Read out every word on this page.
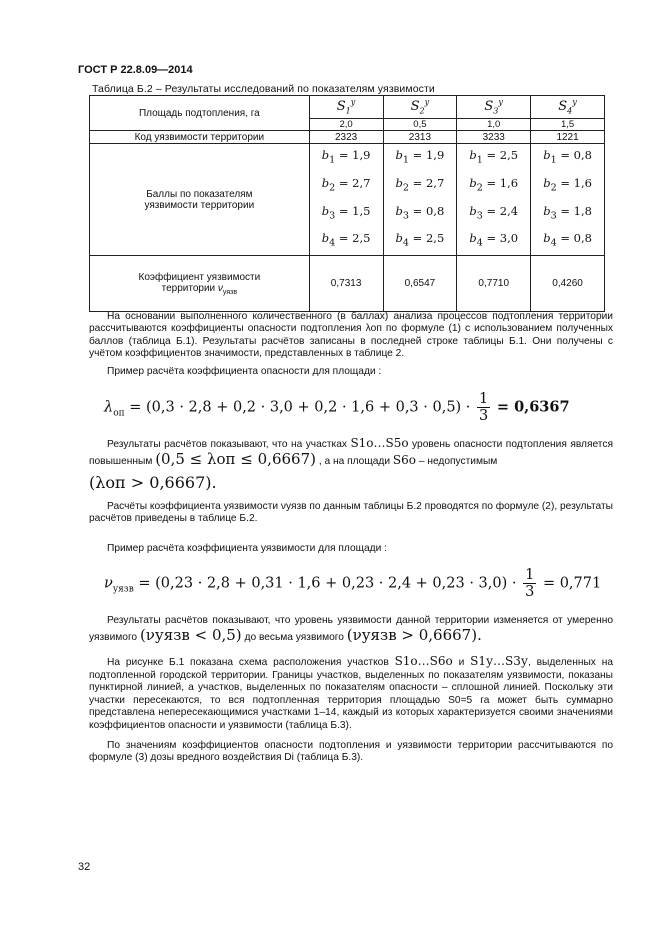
ГОСТ Р 22.8.09—2014
Таблица Б.2 – Результаты исследований по показателям уязвимости
Площадь подтопления, га	$S_1^у$	$S_2^у$	$S_3^у$	$S_4^у$
	2,0	0,5	1,0	1,5
Код уязвимости территории	2323	2313	3233	1221
Баллы по показателям уязвимости территории	$b_1 = 1,9$
$b_2 = 2,7$
$b_3 = 1,5$
$b_4 = 2,5$	$b_1 = 1,9$
$b_2 = 2,7$
$b_3 = 0,8$
$b_4 = 2,5$	$b_1 = 2,5$
$b_2 = 1,6$
$b_3 = 2,4$
$b_4 = 3,0$	$b_1 = 0,8$
$b_2 = 1,6$
$b_3 = 1,8$
$b_4 = 0,8$
Коэффициент уязвимости территории $\nu_{уязв}$	0,7313	0,6547	0,7710	0,4260
На основании выполненного количественного (в баллах) анализа процессов подтопления территории рассчитываются коэффициенты опасности подтопления λоп по формуле (1) с использованием полученных баллов (таблица Б.1). Результаты расчётов записаны в последней строке таблицы Б.1. Они получены с учётом коэффициентов значимости, представленных в таблице 2.
Пример расчёта коэффициента опасности для площади :
$\lambda_{оп} = (0,3 \cdot 2,8 + 0,2 \cdot 3,0 + 0,2 \cdot 1,6 + 0,3 \cdot 0,5) \cdot \frac{1}{3} = 0,6367$
Результаты расчётов показывают, что на участках S1о…S5о уровень опасности подтопления является повышенным (0,5 ≤ λоп ≤ 0,6667) , а на площади S6о – недопустимым
(λоп > 0,6667).
Расчёты коэффициента уязвимости νуязв по данным таблицы Б.2 проводятся по формуле (2), результаты расчётов приведены в таблице Б.2.
Пример расчёта коэффициента уязвимости для площади :
$\nu_{уязв} = (0,23 \cdot 2,8 + 0,31 \cdot 1,6 + 0,23 \cdot 2,4 + 0,23 \cdot 3,0) \cdot \frac{1}{3} = 0,771$
Результаты расчётов показывают, что уровень уязвимости данной территории изменяется от умеренно уязвимого (νуязв < 0,5) до весьма уязвимого (νуязв > 0,6667).
На рисунке Б.1 показана схема расположения участков S1о…S6о и S1у…S3у, выделенных на подтопленной городской территории. Границы участков, выделенных по показателям уязвимости, показаны пунктирной линией, а участков, выделенных по показателям опасности – сплошной линией. Поскольку эти участки пересекаются, то вся подтопленная территория площадью S0=5 га может быть суммарно представлена непересекающимися участками 1–14, каждый из которых характеризуется своими значениями коэффициентов опасности и уязвимости (таблица Б.3).
По значениям коэффициентов опасности подтопления и уязвимости территории рассчитываются по формуле (3) дозы вредного воздействия Di (таблица Б.3).
32
